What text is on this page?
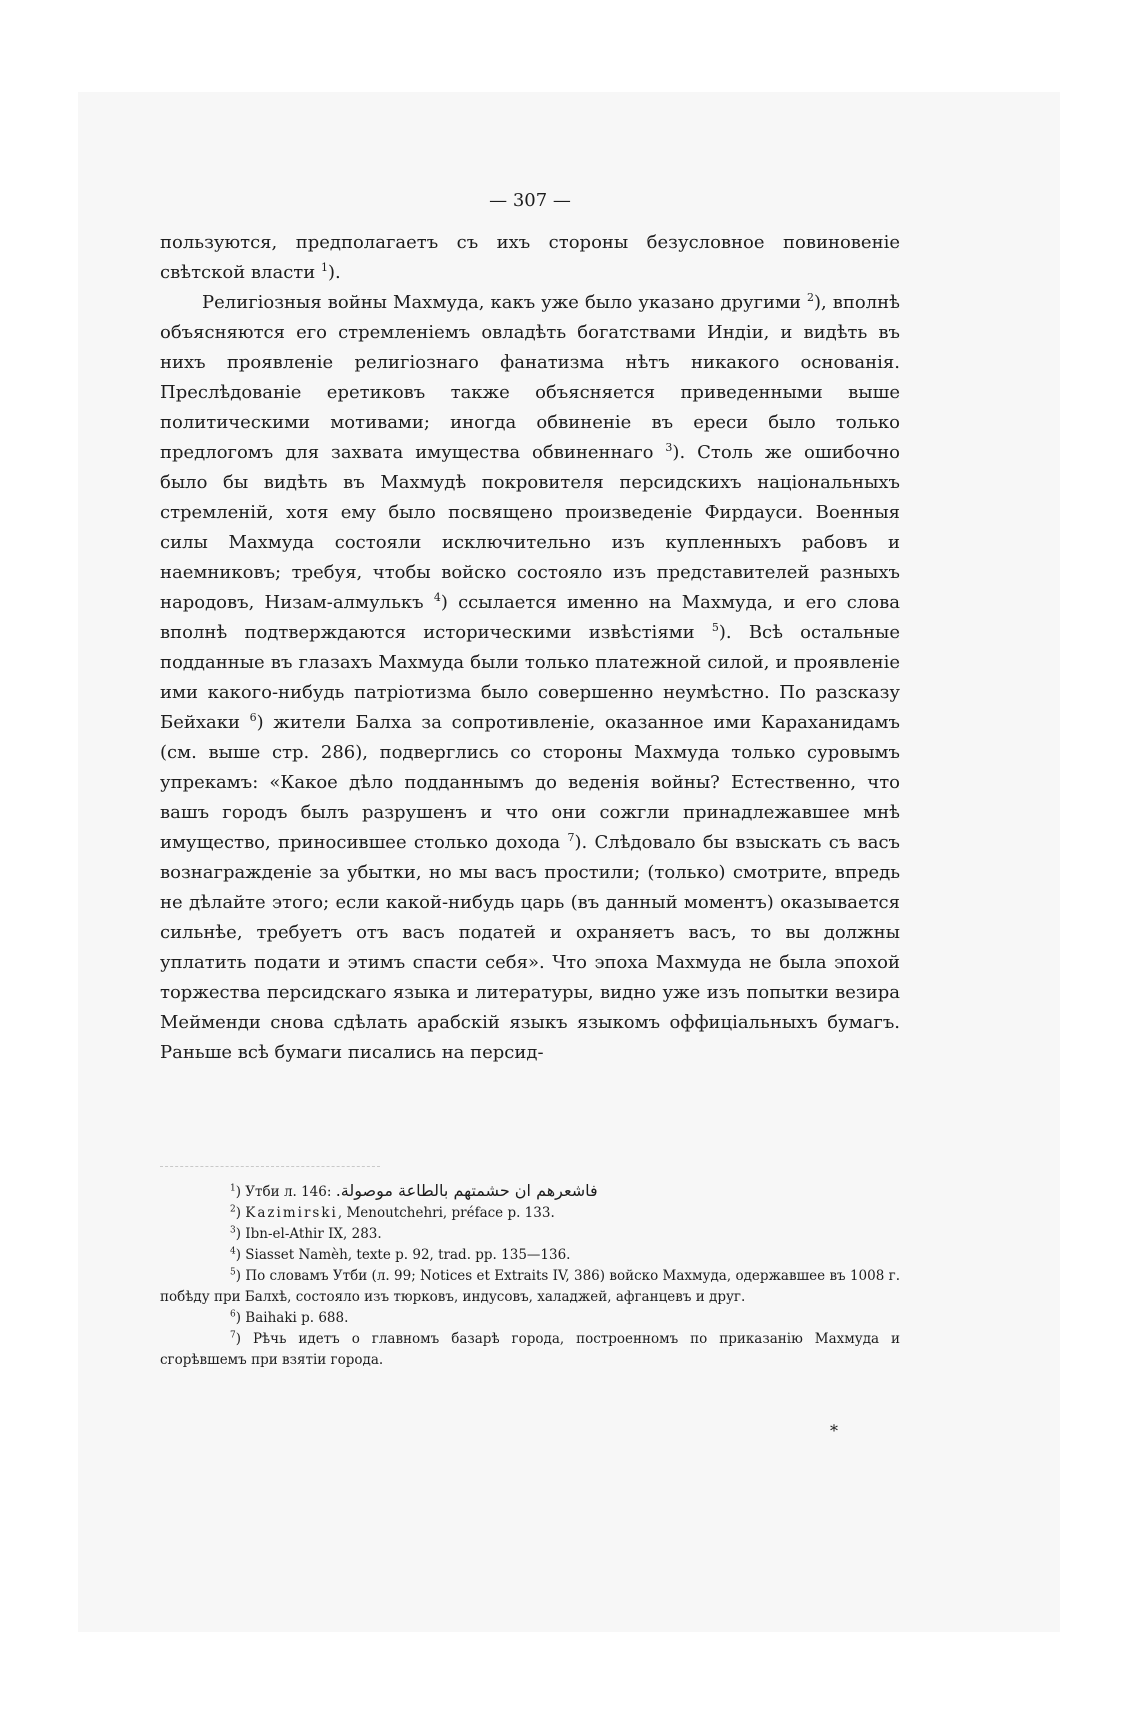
— 307 —

пользуются, предполагаетъ съ ихъ стороны безусловное повиновеніе свѣтской власти $^1$).

Религіозныя войны Махмуда, какъ уже было указано другими $^2$), вполнѣ объясняются его стремленіемъ овладѣть богатствами Индіи, и видѣть въ нихъ проявленіе религіознаго фанатизма нѣтъ никакого основанія. Преслѣдованіе еретиковъ также объясняется приведенными выше политическими мотивами; иногда обвиненіе въ ереси было только предлогомъ для захвата имущества обвиненнаго $^3$). Столь же ошибочно было бы видѣть въ Махмудѣ покровителя персидскихъ національныхъ стремленій, хотя ему было посвящено произведеніе Фирдауси. Военныя силы Махмуда состояли исключительно изъ купленныхъ рабовъ и наемниковъ; требуя, чтобы войско состояло изъ представителей разныхъ народовъ, Низам-алмулькъ $^4$) ссылается именно на Махмуда, и его слова вполнѣ подтверждаются историческими извѣстіями $^5$). Всѣ остальные подданные въ глазахъ Махмуда были только платежной силой, и проявленіе ими какого-нибудь патріотизма было совершенно неумѣстно. По разсказу Бейхаки $^6$) жители Балха за сопротивленіе, оказанное ими Караханидамъ (см. выше стр. 286), подверглись со стороны Махмуда только суровымъ упрекамъ: «Какое дѣло подданнымъ до веденія войны? Естественно, что вашъ городъ былъ разрушенъ и что они сожгли принадлежавшее мнѣ имущество, приносившее столько дохода $^7$). Слѣдовало бы взыскать съ васъ вознагражденіе за убытки, но мы васъ простили; (только) смотрите, впредь не дѣлайте этого; если какой-нибудь царь (въ данный моментъ) оказывается сильнѣе, требуетъ отъ васъ податей и охраняетъ васъ, то вы должны уплатить подати и этимъ спасти себя». Что эпоха Махмуда не была эпохой торжества персидскаго языка и литературы, видно уже изъ попытки везира Мейменди снова сдѣлать арабскій языкъ языкомъ оффиціальныхъ бумагъ. Раньше всѣ бумаги писались на персид-

$^1$) Утби л. 146: فاشعرهم ان حشمتهم بالطاعة موصولة.

$^2$) Kazimirski, Menoutchehri, préface p. 133.

$^3$) Ibn-el-Athir IX, 283.

$^4$) Siasset Namèh, texte p. 92, trad. pp. 135—136.

$^5$) По словамъ Утби (л. 99; Notices et Extraits IV, 386) войско Махмуда, одержавшее въ 1008 г. побѣду при Балхѣ, состояло изъ тюрковъ, индусовъ, халаджей, афганцевъ и друг.

$^6$) Baihaki p. 688.

$^7$) Рѣчь идетъ о главномъ базарѣ города, построенномъ по приказанію Махмуда и сгорѣвшемъ при взятіи города.

⁎
